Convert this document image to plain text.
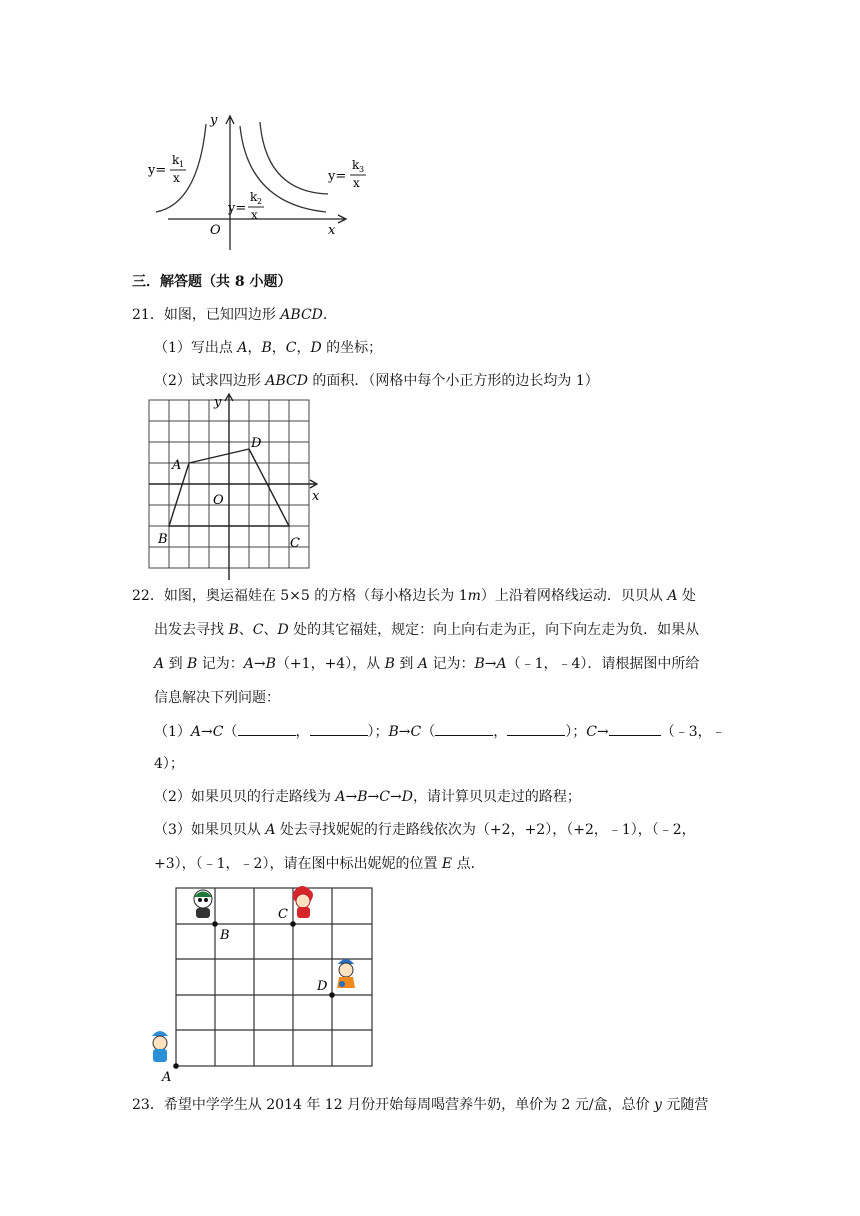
y
x
O
y=
k 1
x
y=
k 2
x
y=
k 3
x
三．解答题（共 8 小题）
21．如图，已知四边形 ABCD．
（1）写出点 A，B，C，D 的坐标；
（2）试求四边形 ABCD 的面积．（网格中每个小正方形的边长均为 1）
y
x
O
A
B	C
D
22．如图，奥运福娃在 5×5 的方格（每小格边长为 1m）上沿着网格线运动．贝贝从 A 处
出发去寻找 B、C、D 处的其它福娃，规定：向上向右走为正，向下向左走为负．如果从
A 到 B 记为：A→B（+1，+4），从 B 到 A 记为：B→A（﹣1，﹣4）．请根据图中所给
信息解决下列问题：
（1）A→C（	，	）；B→C（	，	）；C→	（﹣3，﹣
4）；
（2）如果贝贝的行走路线为 A→B→C→D，请计算贝贝走过的路程；
（3）如果贝贝从 A 处去寻找妮妮的行走路线依次为（+2，+2），（+2，﹣1），（﹣2，
+3），（﹣1，﹣2），请在图中标出妮妮的位置 E 点．
A
B
C
D
23．希望中学学生从 2014 年 12 月份开始每周喝营养牛奶，单价为 2 元/盒，总价 y 元随营
